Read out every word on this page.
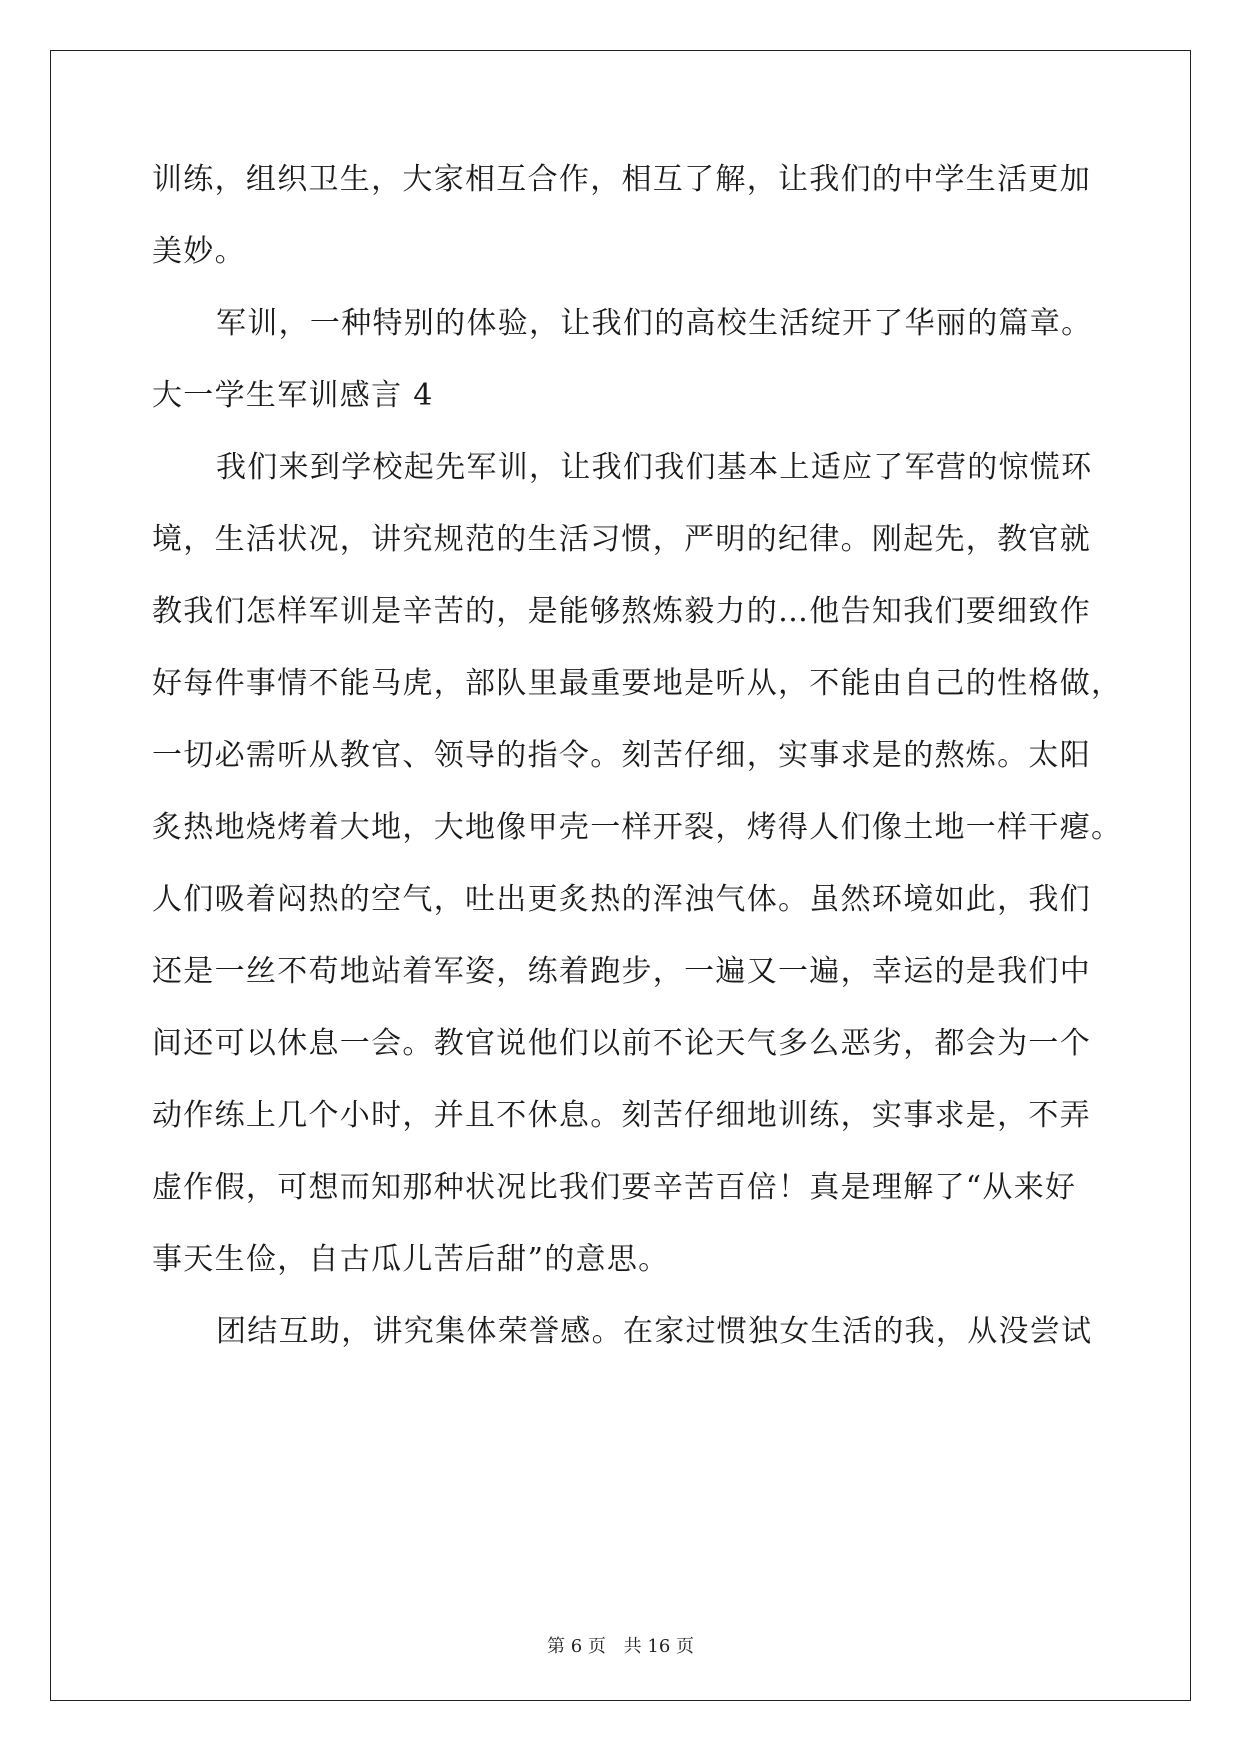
训练，组织卫生，大家相互合作，相互了解，让我们的中学生活更加
美妙。
军训，一种特别的体验，让我们的高校生活绽开了华丽的篇章。
大一学生军训感言 4
我们来到学校起先军训，让我们我们基本上适应了军营的惊慌环
境，生活状况，讲究规范的生活习惯，严明的纪律。刚起先，教官就
教我们怎样军训是辛苦的，是能够熬炼毅力的…他告知我们要细致作
好每件事情不能马虎，部队里最重要地是听从，不能由自己的性格做，
一切必需听从教官、领导的指令。刻苦仔细，实事求是的熬炼。太阳
炙热地烧烤着大地，大地像甲壳一样开裂，烤得人们像土地一样干瘪。
人们吸着闷热的空气，吐出更炙热的浑浊气体。虽然环境如此，我们
还是一丝不苟地站着军姿，练着跑步，一遍又一遍，幸运的是我们中
间还可以休息一会。教官说他们以前不论天气多么恶劣，都会为一个
动作练上几个小时，并且不休息。刻苦仔细地训练，实事求是，不弄
虚作假，可想而知那种状况比我们要辛苦百倍！真是理解了“从来好
事天生俭，自古瓜儿苦后甜”的意思。
团结互助，讲究集体荣誉感。在家过惯独女生活的我，从没尝试
第 6 页 共 16 页
